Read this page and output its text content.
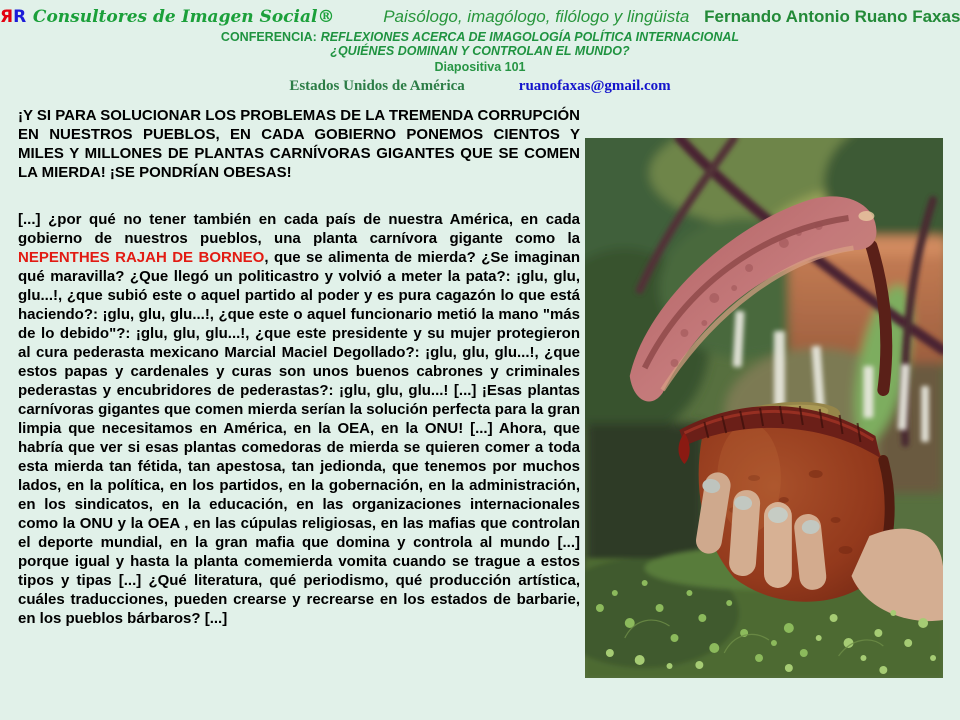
ЯR Consultores de Imagen Social®	Paisólogo, imagólogo, filólogo y lingüista Fernando Antonio Ruano Faxas
CONFERENCIA: REFLEXIONES ACERCA DE IMAGOLOGÍA POLÍTICA INTERNACIONAL
¿QUIÉNES DOMINAN Y CONTROLAN EL MUNDO?
Diapositiva 101
Estados Unidos de América	ruanofaxas@gmail.com

¡Y SI PARA SOLUCIONAR LOS PROBLEMAS DE LA TREMENDA CORRUPCIÓN EN NUESTROS PUEBLOS, EN CADA GOBIERNO PONEMOS CIENTOS Y MILES Y MILLONES DE PLANTAS CARNÍVORAS GIGANTES QUE SE COMEN LA MIERDA! ¡SE PONDRÍAN OBESAS!

[...] ¿por qué no tener también en cada país de nuestra América, en cada gobierno de nuestros pueblos, una planta carnívora gigante como la NEPENTHES RAJAH DE BORNEO, que se alimenta de mierda? ¿Se imaginan qué maravilla? ¿Que llegó un politicastro y volvió a meter la pata?: ¡glu, glu, glu...!, ¿que subió este o aquel partido al poder y es pura cagazón lo que está haciendo?: ¡glu, glu, glu...!, ¿que este o aquel funcionario metió la mano "más de lo debido"?: ¡glu, glu, glu...!, ¿que este presidente y su mujer protegieron al cura pederasta mexicano Marcial Maciel Degollado?: ¡glu, glu, glu...!, ¿que estos papas y cardenales y curas son unos buenos cabrones y criminales pederastas y encubridores de pederastas?: ¡glu, glu, glu...! [...] ¡Esas plantas carnívoras gigantes que comen mierda serían la solución perfecta para la gran limpia que necesitamos en América, en la OEA, en la ONU! [...] Ahora, que habría que ver si esas plantas comedoras de mierda se quieren comer a toda esta mierda tan fétida, tan apestosa, tan jedionda, que tenemos por muchos lados, en la política, en los partidos, en la gobernación, en la administración, en los sindicatos, en la educación, en las organizaciones internacionales como la ONU y la OEA , en las cúpulas religiosas, en las mafias que controlan el deporte mundial, en la gran mafia que domina y controla al mundo [...] porque igual y hasta la planta comemierda vomita cuando se trague a estos tipos y tipas [...] ¿Qué literatura, qué periodismo, qué producción artística, cuáles traducciones, pueden crearse y recrearse en los estados de barbarie, en los pueblos bárbaros? [...]
